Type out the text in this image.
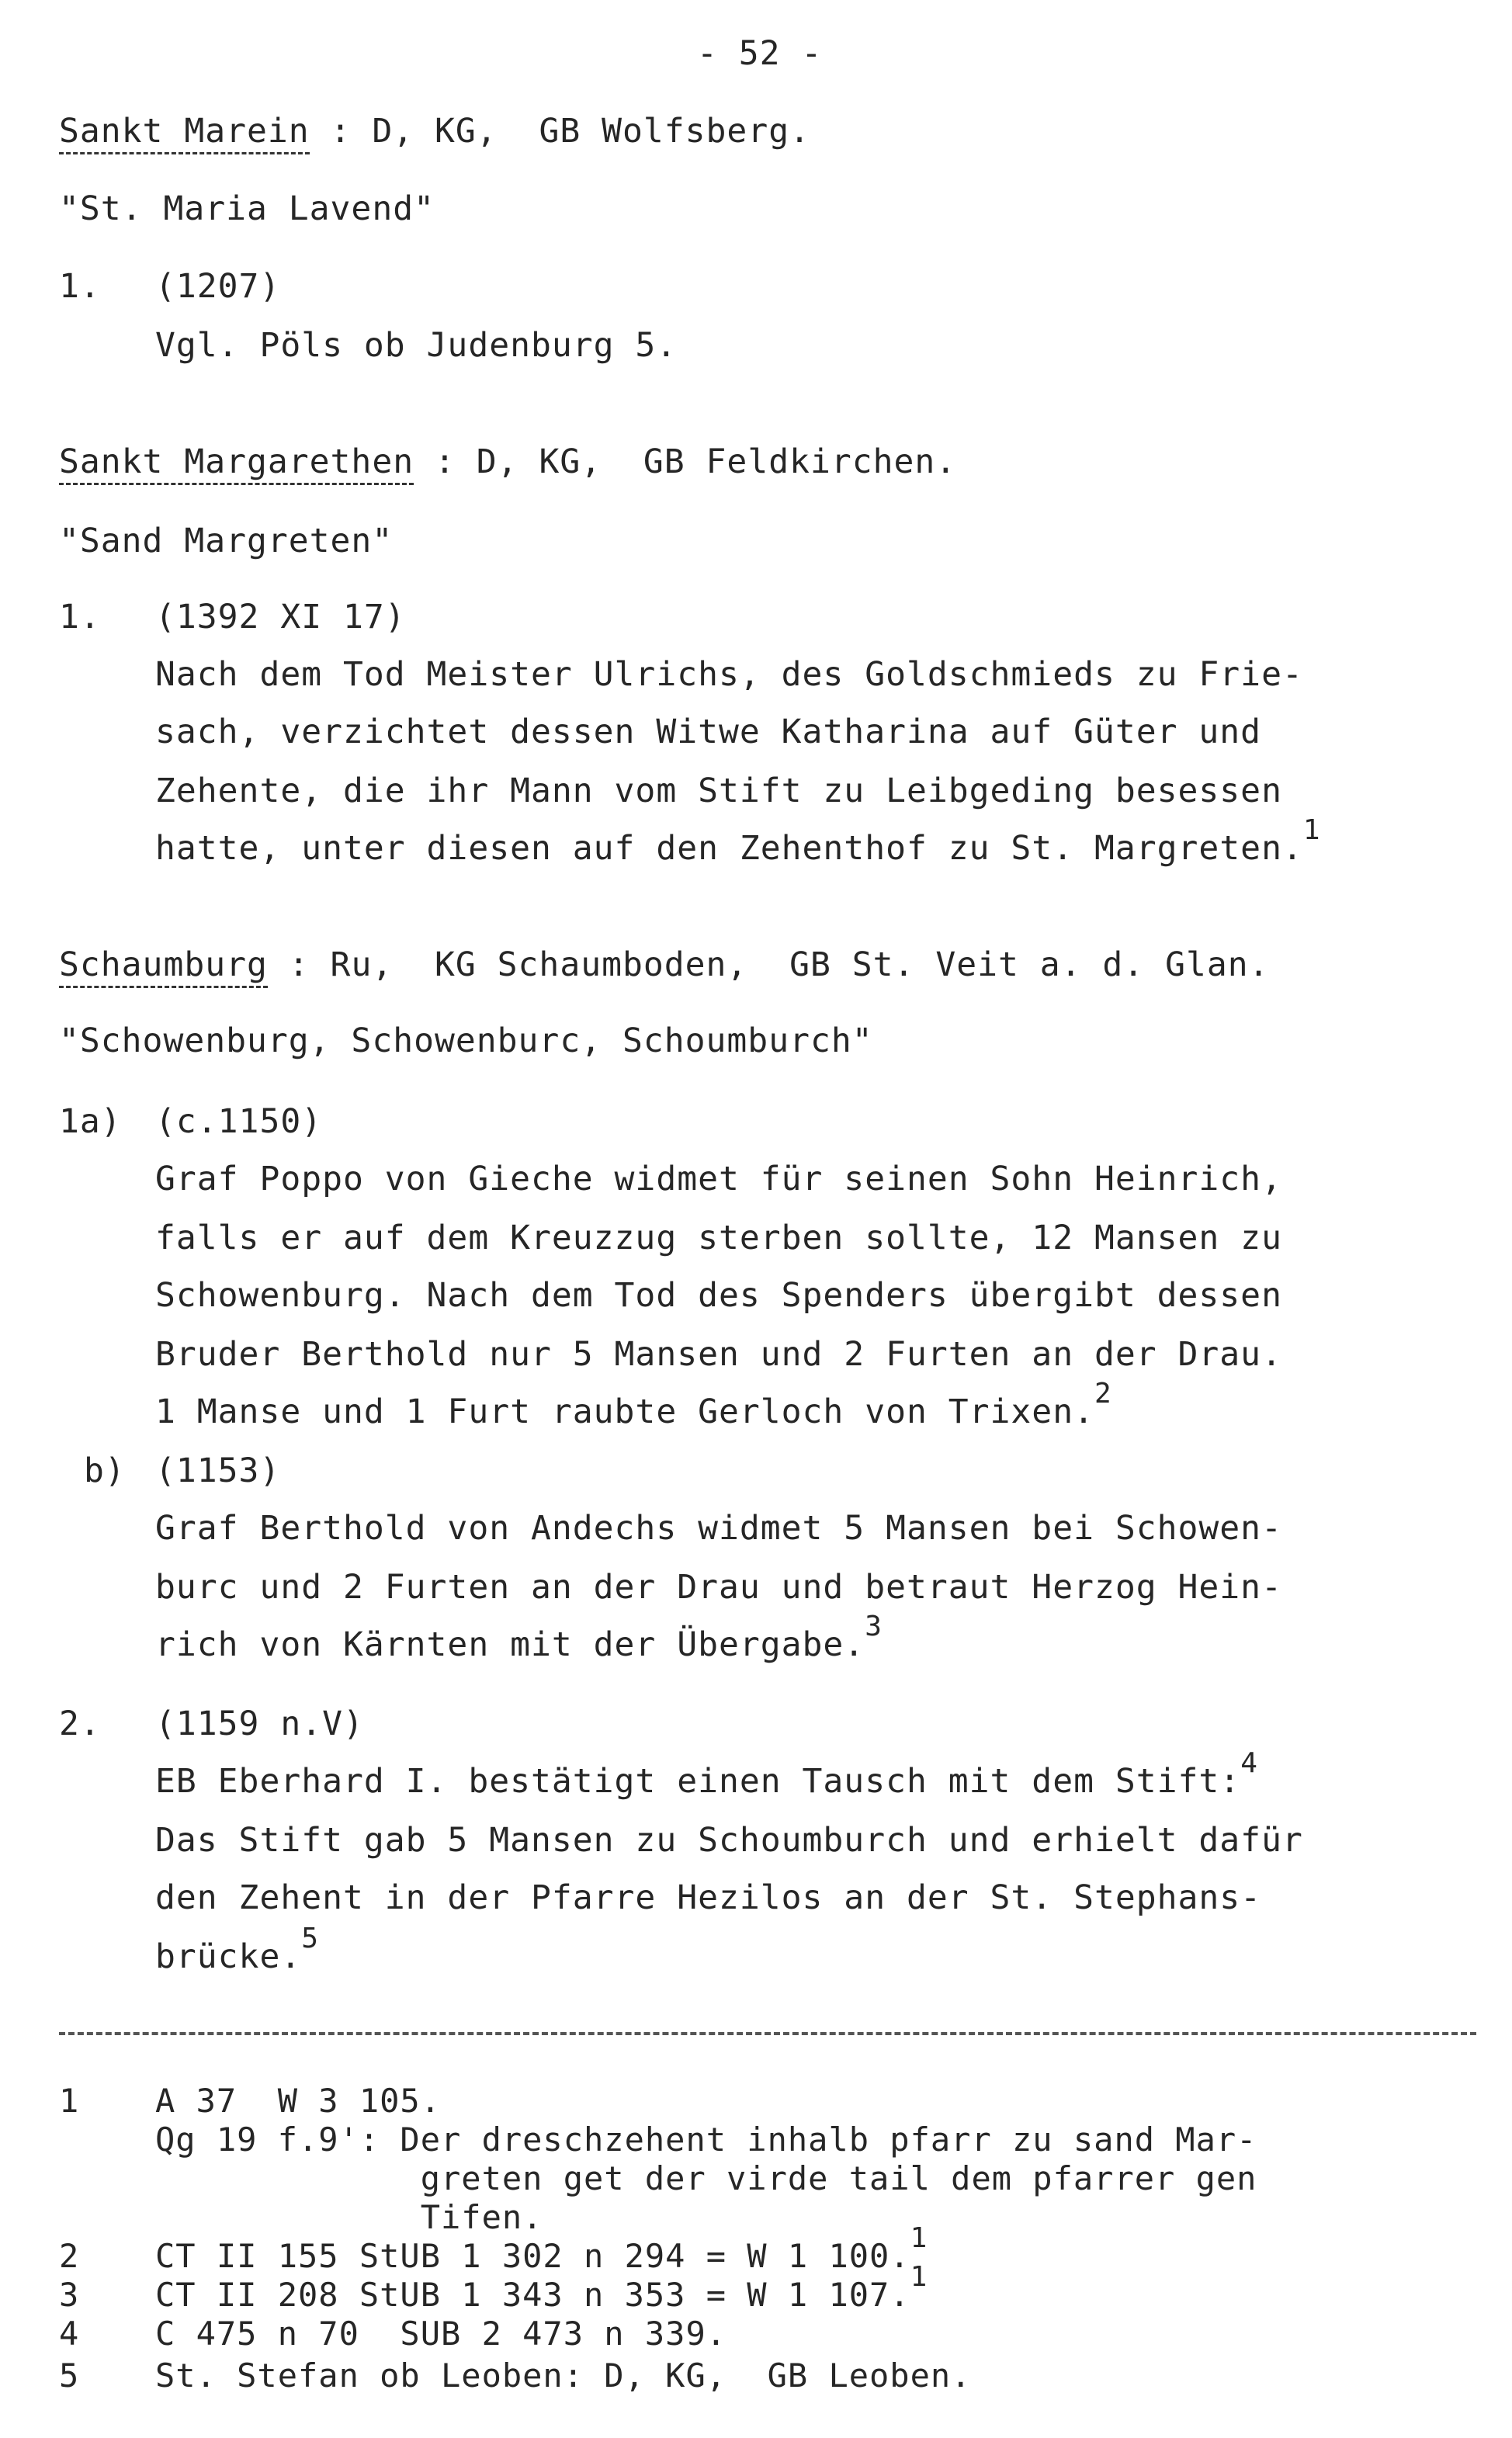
- 52 -
Sankt Marein : D, KG,  GB Wolfsberg.
"St. Maria Lavend"
1. (1207)
Vgl. Pöls ob Judenburg 5.
Sankt Margarethen : D, KG,  GB Feldkirchen.
"Sand Margreten"
1. (1392 XI 17)
Nach dem Tod Meister Ulrichs, des Goldschmieds zu Frie-
sach, verzichtet dessen Witwe Katharina auf Güter und
Zehente, die ihr Mann vom Stift zu Leibgeding besessen
hatte, unter diesen auf den Zehenthof zu St. Margreten.$^1$
Schaumburg : Ru,  KG Schaumboden,  GB St. Veit a. d. Glan.
"Schowenburg, Schowenburc, Schoumburch"
1a) (c.1150)
Graf Poppo von Gieche widmet für seinen Sohn Heinrich,
falls er auf dem Kreuzzug sterben sollte, 12 Mansen zu
Schowenburg. Nach dem Tod des Spenders übergibt dessen
Bruder Berthold nur 5 Mansen und 2 Furten an der Drau.
1 Manse und 1 Furt raubte Gerloch von Trixen.$^2$
b) (1153)
Graf Berthold von Andechs widmet 5 Mansen bei Schowen-
burc und 2 Furten an der Drau und betraut Herzog Hein-
rich von Kärnten mit der Übergabe.$^3$
2. (1159 n.V)
EB Eberhard I. bestätigt einen Tausch mit dem Stift:$^4$
Das Stift gab 5 Mansen zu Schoumburch und erhielt dafür
den Zehent in der Pfarre Hezilos an der St. Stephans-
brücke.$^5$
1 A 37  W 3 105.
Qg 19 f.9': Der dreschzehent inhalb pfarr zu sand Mar-
greten get der virde tail dem pfarrer gen
Tifen.
2 CT II 155 StUB 1 302 n 294 = W 1 100.1
3 CT II 208 StUB 1 343 n 353 = W 1 107.1
4 C 475 n 70  SUB 2 473 n 339.
5 St. Stefan ob Leoben: D, KG,  GB Leoben.
